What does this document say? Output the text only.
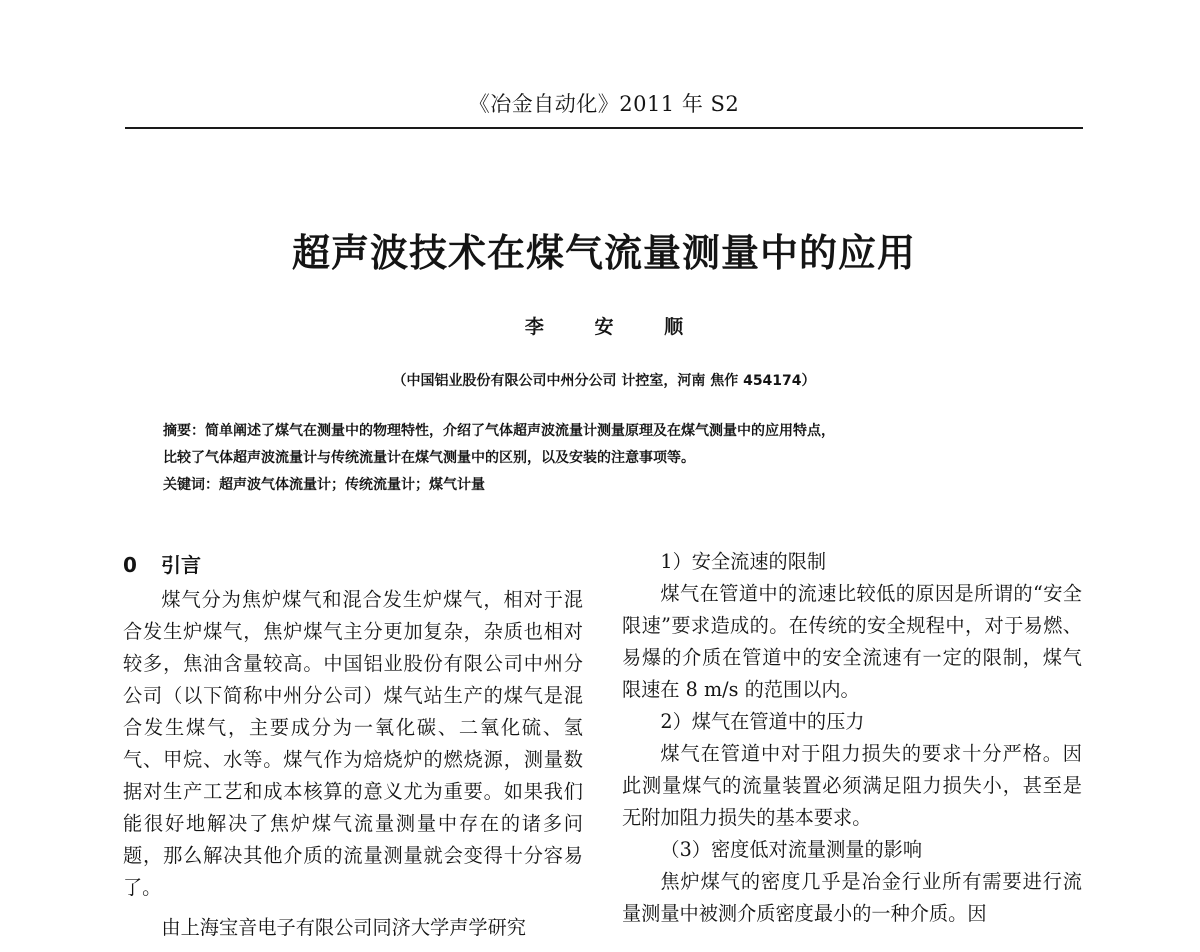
《冶金自动化》2011 年 S2
超声波技术在煤气流量测量中的应用
李 安 顺
（中国铝业股份有限公司中州分公司 计控室，河南 焦作 454174）
摘要：简单阐述了煤气在测量中的物理特性，介绍了气体超声波流量计测量原理及在煤气测量中的应用特点，
比较了气体超声波流量计与传统流量计在煤气测量中的区别，以及安装的注意事项等。
关键词：超声波气体流量计；传统流量计；煤气计量
0 引言

煤气分为焦炉煤气和混合发生炉煤气，相对于混合发生炉煤气，焦炉煤气主分更加复杂，杂质也相对较多，焦油含量较高。中国铝业股份有限公司中州分公司（以下简称中州分公司）煤气站生产的煤气是混合发生煤气，主要成分为一氧化碳、二氧化硫、氢气、甲烷、水等。煤气作为焙烧炉的燃烧源，测量数据对生产工艺和成本核算的意义尤为重要。如果我们能很好地解决了焦炉煤气流量测量中存在的诸多问题，那么解决其他介质的流量测量就会变得十分容易了。

由上海宝音电子有限公司同济大学声学研究

1）安全流速的限制

煤气在管道中的流速比较低的原因是所谓的“安全限速”要求造成的。在传统的安全规程中，对于易燃、易爆的介质在管道中的安全流速有一定的限制，煤气限速在 8 m/s 的范围以内。

2）煤气在管道中的压力

煤气在管道中对于阻力损失的要求十分严格。因此测量煤气的流量装置必须满足阻力损失小，甚至是无附加阻力损失的基本要求。

（3）密度低对流量测量的影响

焦炉煤气的密度几乎是冶金行业所有需要进行流量测量中被测介质密度最小的一种介质。因
